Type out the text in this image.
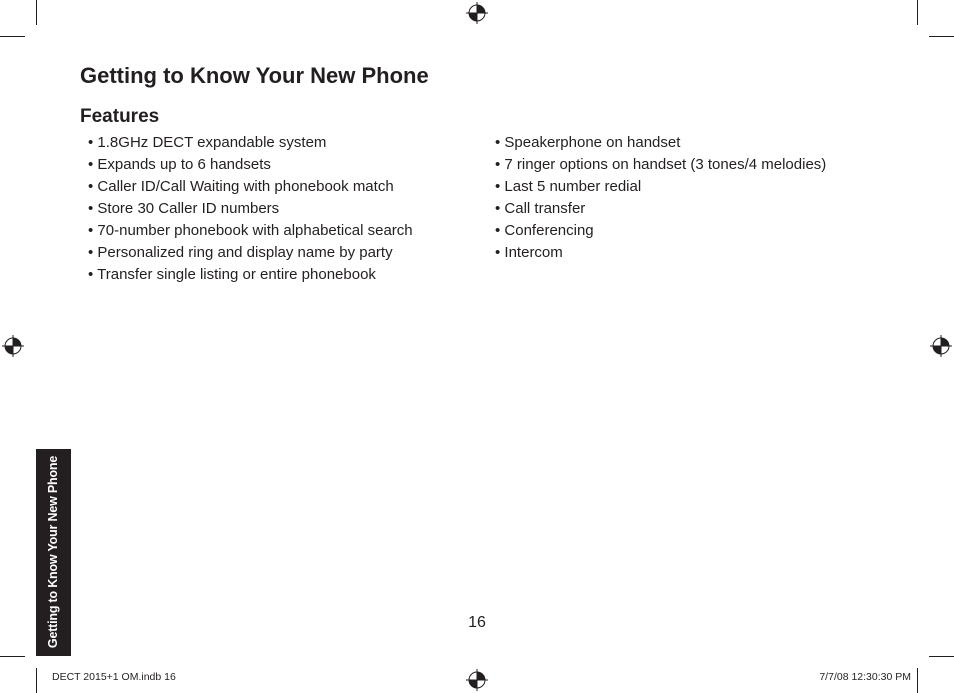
Getting to Know Your New Phone
Features
• 1.8GHz DECT expandable system
• Expands up to 6 handsets
• Caller ID/Call Waiting with phonebook match
• Store 30 Caller ID numbers
• 70-number phonebook with alphabetical search
• Personalized ring and display name by party
• Transfer single listing or entire phonebook
• Speakerphone on handset
• 7 ringer options on handset (3 tones/4 melodies)
• Last 5 number redial
• Call transfer
• Conferencing
• Intercom
Getting to Know Your New Phone	16
DECT 2015+1 OM.indb 16	7/7/08 12:30:30 PM
